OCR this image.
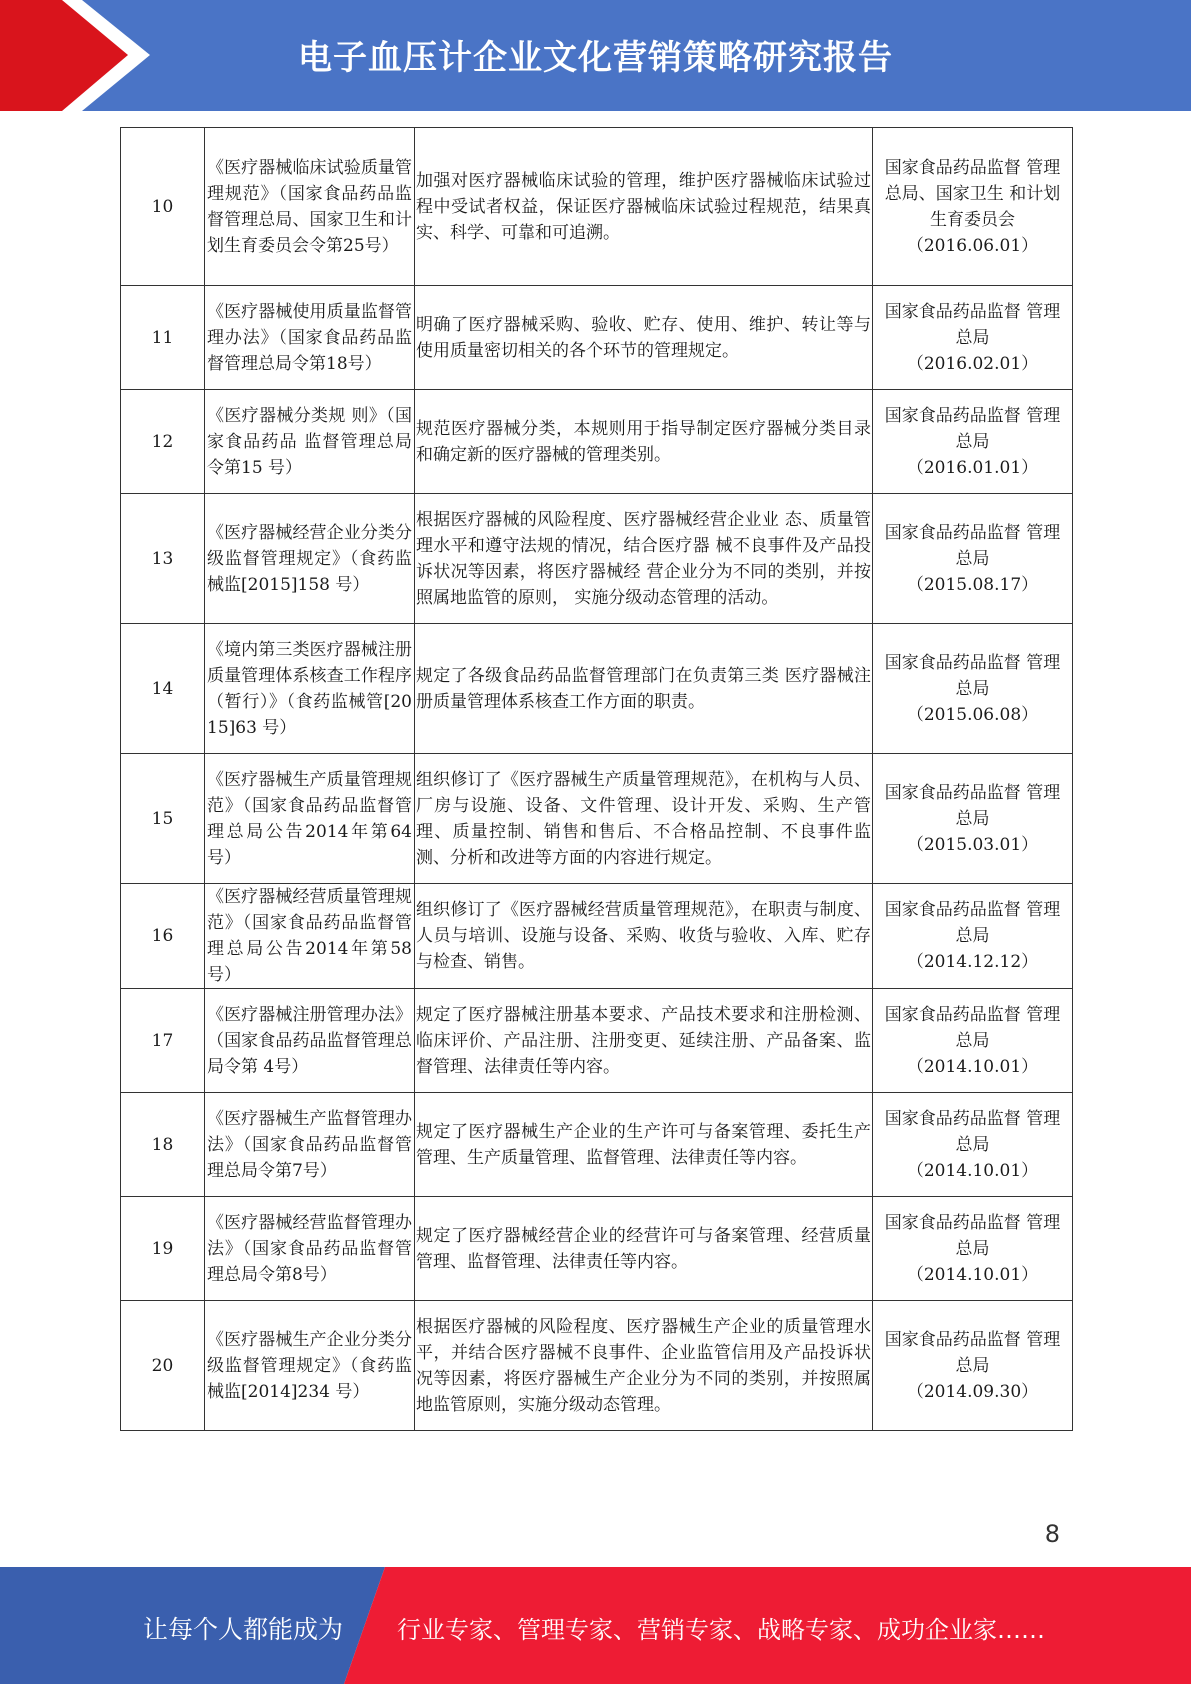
电子血压计企业文化营销策略研究报告
10	《医疗器械临床试验质量管理规范》（国家食品药品监督管理总局、国家卫生和计划生育委员会令第25号）	加强对医疗器械临床试验的管理，维护医疗器械临床试验过程中受试者权益，保证医疗器械临床试验过程规范，结果真实、科学、可靠和可追溯。	国家食品药品监督 管理总局、国家卫生 和计划生育委员会
（2016.06.01）

11	《医疗器械使用质量监督管理办法》（国家食品药品监督管理总局令第18号）	明确了医疗器械采购、验收、贮存、使用、维护、转让等与使用质量密切相关的各个环节的管理规定。	国家食品药品监督 管理总局
（2016.02.01）

12	《医疗器械分类规 则》（国家食品药品 监督管理总局令第15 号）	规范医疗器械分类，本规则用于指导制定医疗器械分类目录和确定新的医疗器械的管理类别。	国家食品药品监督 管理总局
（2016.01.01）

13	《医疗器械经营企业分类分级监督管理规定》（食药监械监[2015]158 号）	根据医疗器械的风险程度、医疗器械经营企业业 态、质量管理水平和遵守法规的情况，结合医疗器 械不良事件及产品投诉状况等因素，将医疗器械经 营企业分为不同的类别，并按照属地监管的原则， 实施分级动态管理的活动。	国家食品药品监督 管理总局
（2015.08.17）

14	《境内第三类医疗器械注册质量管理体系核查工作程序（暂行）》（食药监械管[2015]63 号）	规定了各级食品药品监督管理部门在负责第三类 医疗器械注册质量管理体系核查工作方面的职责。	国家食品药品监督 管理总局
（2015.06.08）

15	《医疗器械生产质量管理规范》（国家食品药品监督管理总局公告2014年第64号）	组织修订了《医疗器械生产质量管理规范》，在机构与人员、厂房与设施、设备、文件管理、设计开发、采购、生产管理、质量控制、销售和售后、不合格品控制、不良事件监测、分析和改进等方面的内容进行规定。	国家食品药品监督 管理总局
（2015.03.01）

16	《医疗器械经营质量管理规范》（国家食品药品监督管理总局公告2014年第58号）	组织修订了《医疗器械经营质量管理规范》，在职责与制度、人员与培训、设施与设备、采购、收货与验收、入库、贮存与检查、销售。	国家食品药品监督 管理总局
（2014.12.12）

17	《医疗器械注册管理办法》（国家食品药品监督管理总局令第 4号）	规定了医疗器械注册基本要求、产品技术要求和注册检测、临床评价、产品注册、注册变更、延续注册、产品备案、监督管理、法律责任等内容。	国家食品药品监督 管理总局
（2014.10.01）

18	《医疗器械生产监督管理办法》（国家食品药品监督管理总局令第7号）	规定了医疗器械生产企业的生产许可与备案管理、委托生产管理、生产质量管理、监督管理、法律责任等内容。	国家食品药品监督 管理总局
（2014.10.01）

19	《医疗器械经营监督管理办法》（国家食品药品监督管理总局令第8号）	规定了医疗器械经营企业的经营许可与备案管理、经营质量管理、监督管理、法律责任等内容。	国家食品药品监督 管理总局
（2014.10.01）

20	《医疗器械生产企业分类分级监督管理规定》（食药监械监[2014]234 号）	根据医疗器械的风险程度、医疗器械生产企业的质量管理水平，并结合医疗器械不良事件、企业监管信用及产品投诉状况等因素，将医疗器械生产企业分为不同的类别，并按照属地监管原则，实施分级动态管理。	国家食品药品监督 管理总局
（2014.09.30）
8
让每个人都能成为 行业专家、管理专家、营销专家、战略专家、成功企业家……
